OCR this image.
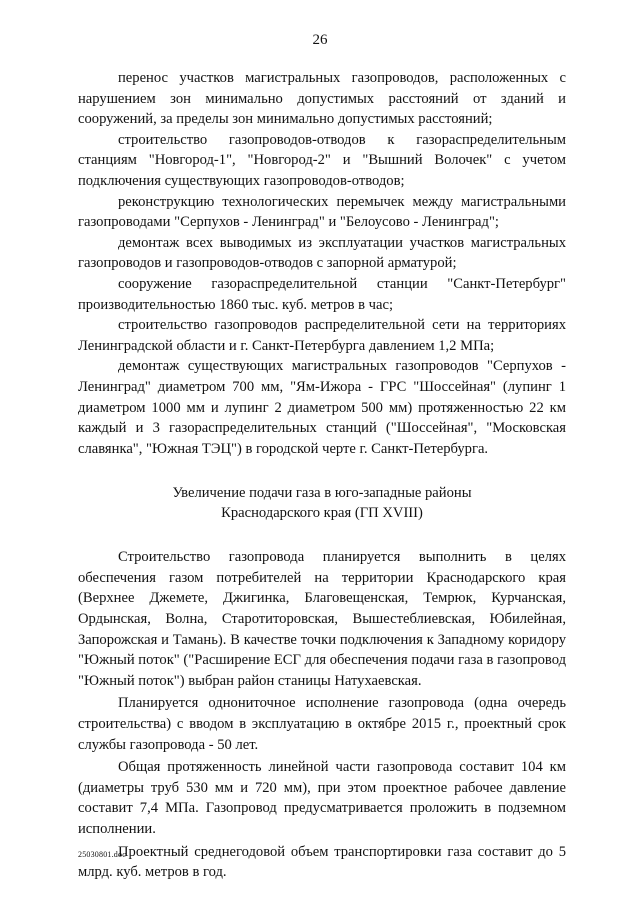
26

перенос участков магистральных газопроводов, расположенных с нарушением зон минимально допустимых расстояний от зданий и сооружений, за пределы зон минимально допустимых расстояний;

строительство газопроводов-отводов к газораспределительным станциям "Новгород-1", "Новгород-2" и "Вышний Волочек" с учетом подключения существующих газопроводов-отводов;

реконструкцию технологических перемычек между магистральными газопроводами "Серпухов - Ленинград" и "Белоусово - Ленинград";

демонтаж всех выводимых из эксплуатации участков магистральных газопроводов и газопроводов-отводов с запорной арматурой;

сооружение газораспределительной станции "Санкт-Петербург" производительностью 1860 тыс. куб. метров в час;

строительство газопроводов распределительной сети на территориях Ленинградской области и г. Санкт-Петербурга давлением 1,2 МПа;

демонтаж существующих магистральных газопроводов "Серпухов - Ленинград" диаметром 700 мм, "Ям-Ижора - ГРС "Шоссейная" (лупинг 1 диаметром 1000 мм и лупинг 2 диаметром 500 мм) протяженностью 22 км каждый и 3 газораспределительных станций ("Шоссейная", "Московская славянка", "Южная ТЭЦ") в городской черте г. Санкт-Петербурга.

Увеличение подачи газа в юго-западные районы
Краснодарского края (ГП XVIII)

Строительство газопровода планируется выполнить в целях обеспечения газом потребителей на территории Краснодарского края (Верхнее Джемете, Джигинка, Благовещенская, Темрюк, Курчанская, Ордынская, Волна, Старотиторовская, Вышестеблиевская, Юбилейная, Запорожская и Тамань). В качестве точки подключения к Западному коридору "Южный поток" ("Расширение ЕСГ для обеспечения подачи газа в газопровод "Южный поток") выбран район станицы Натухаевская.

Планируется однониточное исполнение газопровода (одна очередь строительства) с вводом в эксплуатацию в октябре 2015 г., проектный срок службы газопровода - 50 лет.

Общая протяженность линейной части газопровода составит 104 км (диаметры труб 530 мм и 720 мм), при этом проектное рабочее давление составит 7,4 МПа. Газопровод предусматривается проложить в подземном исполнении.

Проектный среднегодовой объем транспортировки газа составит до 5 млрд. куб. метров в год.

25030801.doc
